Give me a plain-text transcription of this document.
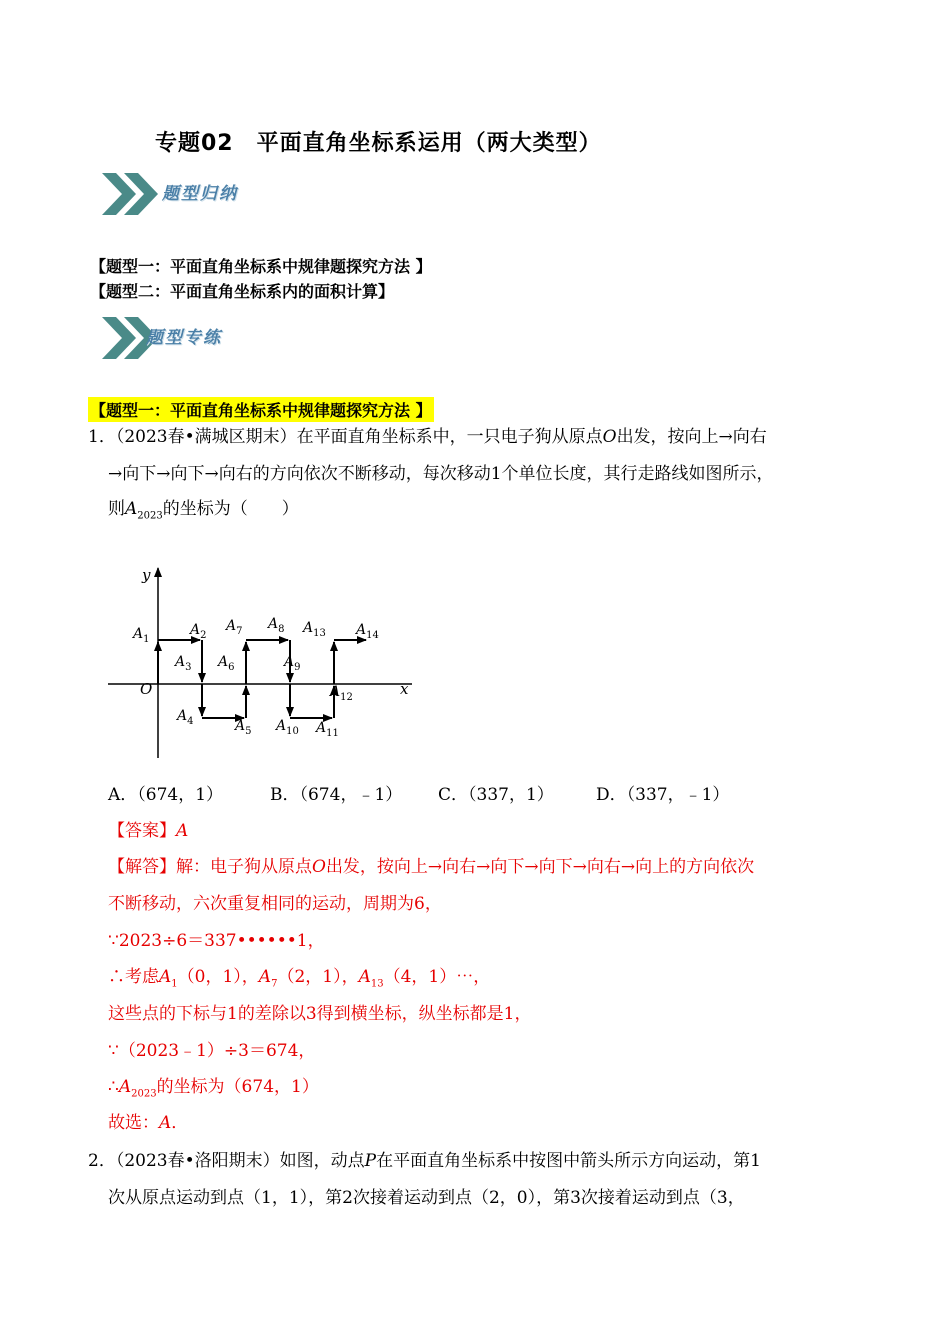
专题02　平面直角坐标系运用（两大类型）
题型归纳
【题型一：平面直角坐标系中规律题探究方法 】
【题型二：平面直角坐标系内的面积计算】
题型专练
【题型一：平面直角坐标系中规律题探究方法 】
1．（2023春•满城区期末）在平面直角坐标系中，一只电子狗从原点O出发，按向上→向右
→向下→向下→向右的方向依次不断移动，每次移动1个单位长度，其行走路线如图所示，
则$A_{2023}$的坐标为（　　）
x
y
O
$A_1$
$A_2$
$A_3$
$A_4$	$A_5$
$A_6$
$A_7$ $A_8$
$A_9$
$A_{10}$ $A_{11}$
$A_{12}$
$A_{13}$ $A_{14}$
A．（674，1）	B．（674，﹣1） C．（337，1） D．（337，﹣1）
【答案】A
【解答】解：电子狗从原点O出发，按向上→向右→向下→向下→向右→向上的方向依次
不断移动，六次重复相同的运动，周期为6，
∵2023÷6＝337••••••1，
∴考虑$A_1(0$，1），$A_7(2$，1），$A_{13}(4$，1）⋯，
这些点的下标与1的差除以3得到横坐标，纵坐标都是1，
∵（2023﹣1）÷3＝674，
$\therefore A_{2023}$的坐标为（674，1）
故选：A．
2．（2023春•洛阳期末）如图，动点P在平面直角坐标系中按图中箭头所示方向运动，第1
次从原点运动到点（1，1），第2次接着运动到点（2，0），第3次接着运动到点（3，
